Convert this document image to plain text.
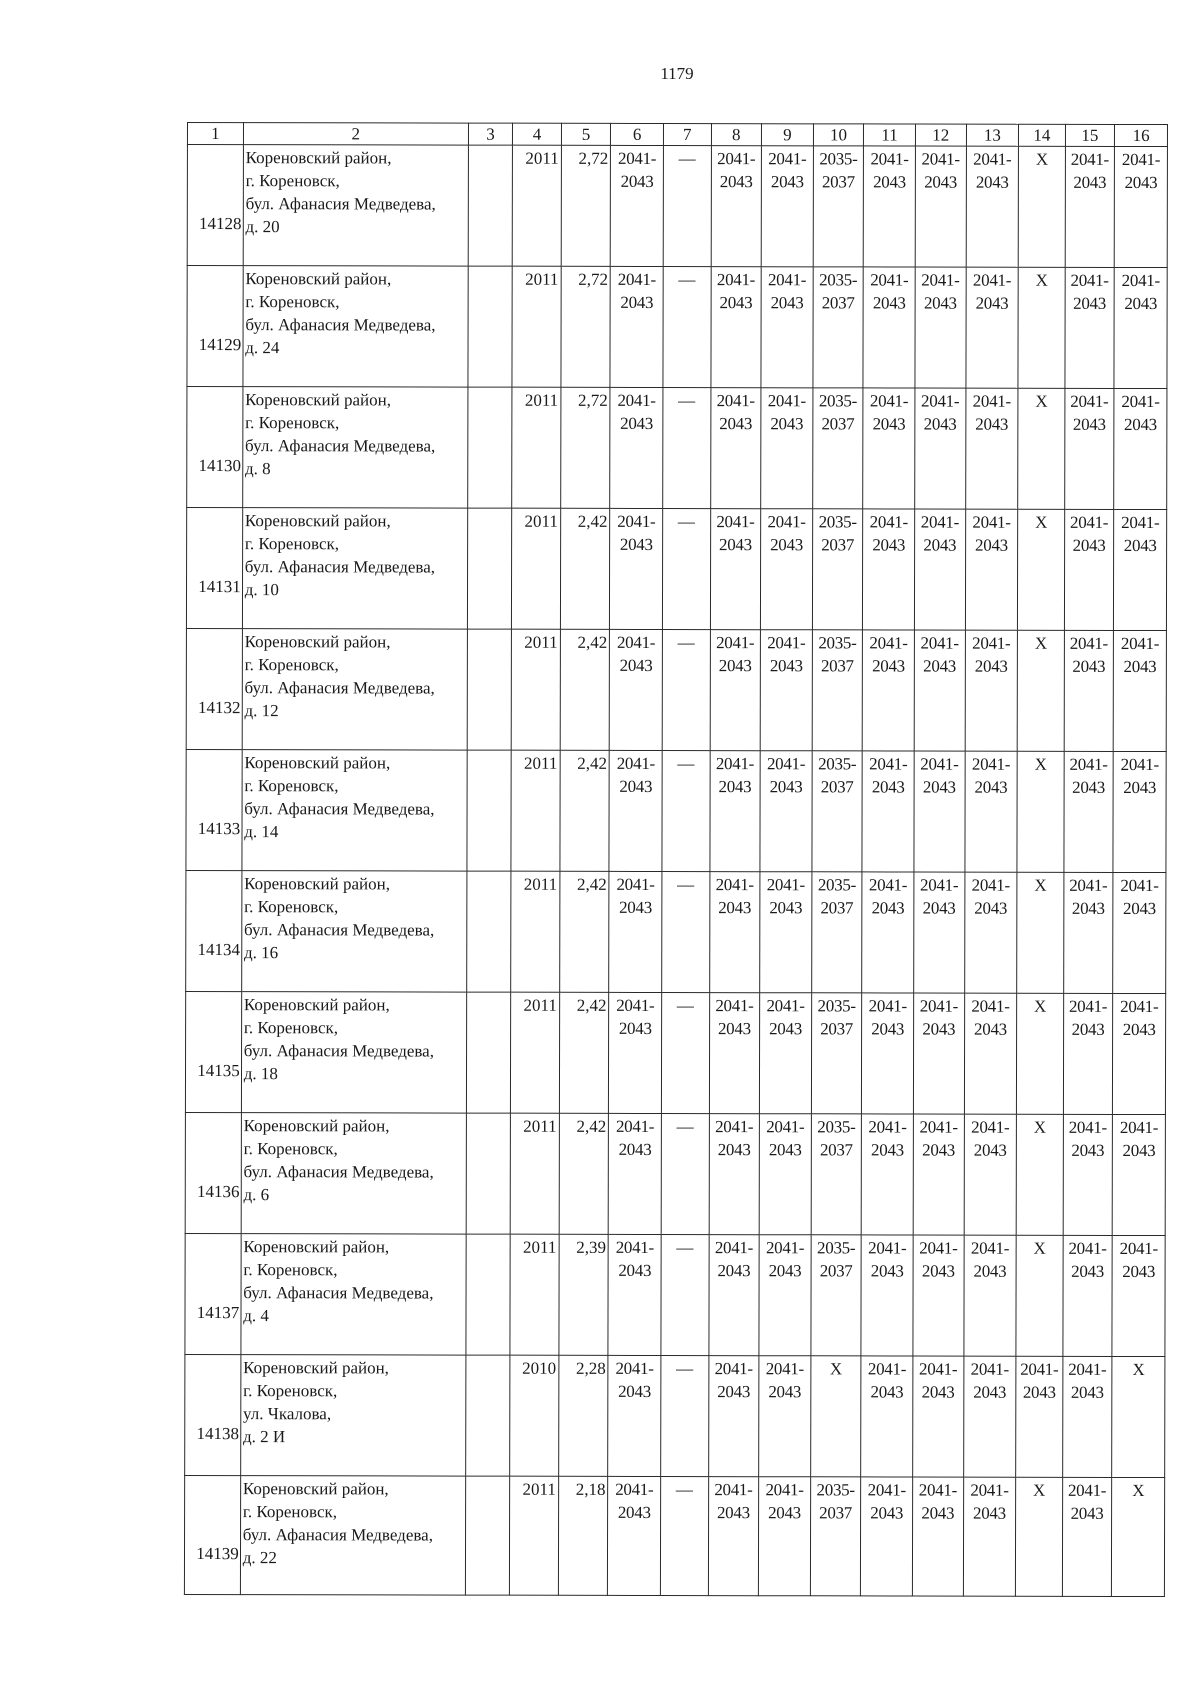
1179
1	2	3	4	5	6	7	8	9	10	11	12	13	14	15	16
14128	Кореновский район,
г. Кореновск,
бул. Афанасия Медведева,
д. 20		2011	2,72	2041-
2043	—	2041-
2043	2041-
2043	2035-
2037	2041-
2043	2041-
2043	2041-
2043	X	2041-
2043	2041-
2043

14129	Кореновский район,
г. Кореновск,
бул. Афанасия Медведева,
д. 24		2011	2,72	2041-
2043	—	2041-
2043	2041-
2043	2035-
2037	2041-
2043	2041-
2043	2041-
2043	X	2041-
2043	2041-
2043

14130	Кореновский район,
г. Кореновск,
бул. Афанасия Медведева,
д. 8		2011	2,72	2041-
2043	—	2041-
2043	2041-
2043	2035-
2037	2041-
2043	2041-
2043	2041-
2043	X	2041-
2043	2041-
2043

14131	Кореновский район,
г. Кореновск,
бул. Афанасия Медведева,
д. 10		2011	2,42	2041-
2043	—	2041-
2043	2041-
2043	2035-
2037	2041-
2043	2041-
2043	2041-
2043	X	2041-
2043	2041-
2043

14132	Кореновский район,
г. Кореновск,
бул. Афанасия Медведева,
д. 12		2011	2,42	2041-
2043	—	2041-
2043	2041-
2043	2035-
2037	2041-
2043	2041-
2043	2041-
2043	X	2041-
2043	2041-
2043

14133	Кореновский район,
г. Кореновск,
бул. Афанасия Медведева,
д. 14		2011	2,42	2041-
2043	—	2041-
2043	2041-
2043	2035-
2037	2041-
2043	2041-
2043	2041-
2043	X	2041-
2043	2041-
2043

14134	Кореновский район,
г. Кореновск,
бул. Афанасия Медведева,
д. 16		2011	2,42	2041-
2043	—	2041-
2043	2041-
2043	2035-
2037	2041-
2043	2041-
2043	2041-
2043	X	2041-
2043	2041-
2043

14135	Кореновский район,
г. Кореновск,
бул. Афанасия Медведева,
д. 18		2011	2,42	2041-
2043	—	2041-
2043	2041-
2043	2035-
2037	2041-
2043	2041-
2043	2041-
2043	X	2041-
2043	2041-
2043

14136	Кореновский район,
г. Кореновск,
бул. Афанасия Медведева,
д. 6		2011	2,42	2041-
2043	—	2041-
2043	2041-
2043	2035-
2037	2041-
2043	2041-
2043	2041-
2043	X	2041-
2043	2041-
2043

14137	Кореновский район,
г. Кореновск,
бул. Афанасия Медведева,
д. 4		2011	2,39	2041-
2043	—	2041-
2043	2041-
2043	2035-
2037	2041-
2043	2041-
2043	2041-
2043	X	2041-
2043	2041-
2043

14138	Кореновский район,
г. Кореновск,
ул. Чкалова,
д. 2 И		2010	2,28	2041-
2043	—	2041-
2043	2041-
2043	X	2041-
2043	2041-
2043	2041-
2043	2041-
2043	2041-
2043	X

14139	Кореновский район,
г. Кореновск,
бул. Афанасия Медведева,
д. 22		2011	2,18	2041-
2043	—	2041-
2043	2041-
2043	2035-
2037	2041-
2043	2041-
2043	2041-
2043	X	2041-
2043	X
